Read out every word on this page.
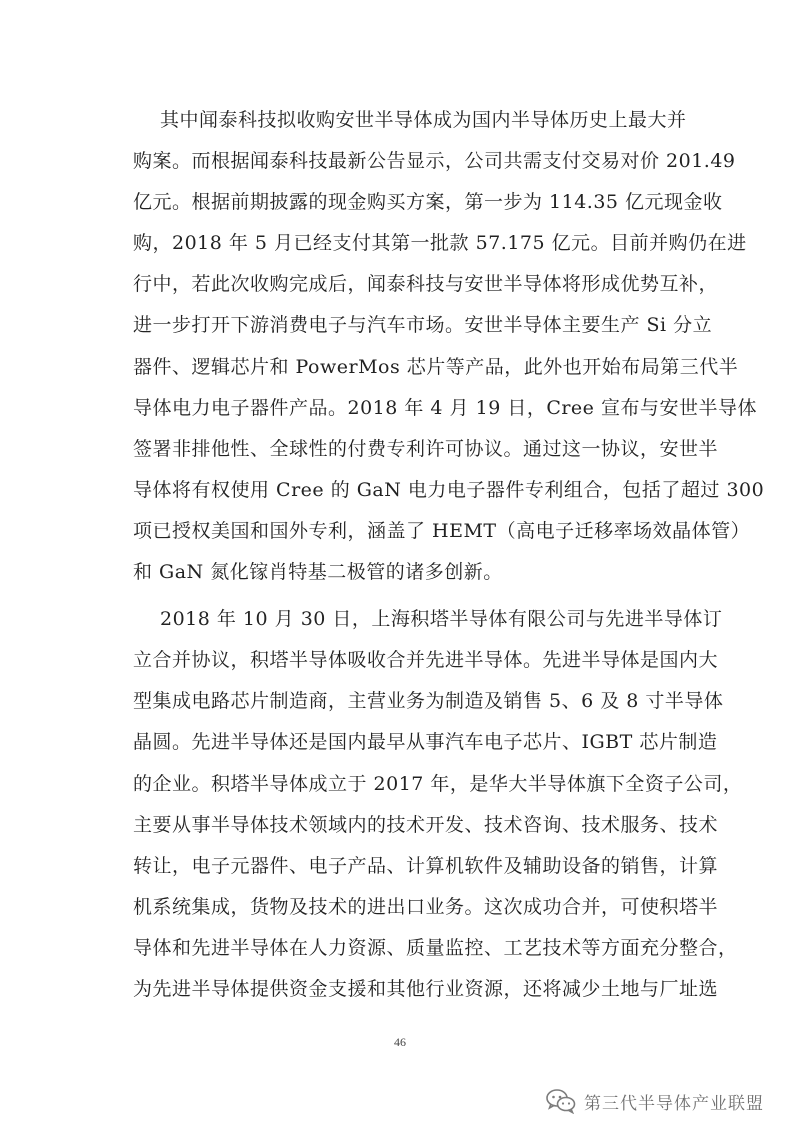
其中闻泰科技拟收购安世半导体成为国内半导体历史上最大并
购案。而根据闻泰科技最新公告显示，公司共需支付交易对价 201.49
亿元。根据前期披露的现金购买方案，第一步为 114.35 亿元现金收
购，2018 年 5 月已经支付其第一批款 57.175 亿元。目前并购仍在进
行中，若此次收购完成后，闻泰科技与安世半导体将形成优势互补，
进一步打开下游消费电子与汽车市场。安世半导体主要生产 Si 分立
器件、逻辑芯片和 PowerMos 芯片等产品，此外也开始布局第三代半
导体电力电子器件产品。2018 年 4 月 19 日，Cree 宣布与安世半导体
签署非排他性、全球性的付费专利许可协议。通过这一协议，安世半
导体将有权使用 Cree 的 GaN 电力电子器件专利组合，包括了超过 300
项已授权美国和国外专利，涵盖了 HEMT（高电子迁移率场效晶体管）
和 GaN 氮化镓肖特基二极管的诸多创新。
2018 年 10 月 30 日，上海积塔半导体有限公司与先进半导体订
立合并协议，积塔半导体吸收合并先进半导体。先进半导体是国内大
型集成电路芯片制造商，主营业务为制造及销售 5、6 及 8 寸半导体
晶圆。先进半导体还是国内最早从事汽车电子芯片、IGBT 芯片制造
的企业。积塔半导体成立于 2017 年，是华大半导体旗下全资子公司，
主要从事半导体技术领域内的技术开发、技术咨询、技术服务、技术
转让，电子元器件、电子产品、计算机软件及辅助设备的销售，计算
机系统集成，货物及技术的进出口业务。这次成功合并，可使积塔半
导体和先进半导体在人力资源、质量监控、工艺技术等方面充分整合，
为先进半导体提供资金支援和其他行业资源，还将减少土地与厂址选
46
第三代半导体产业联盟
